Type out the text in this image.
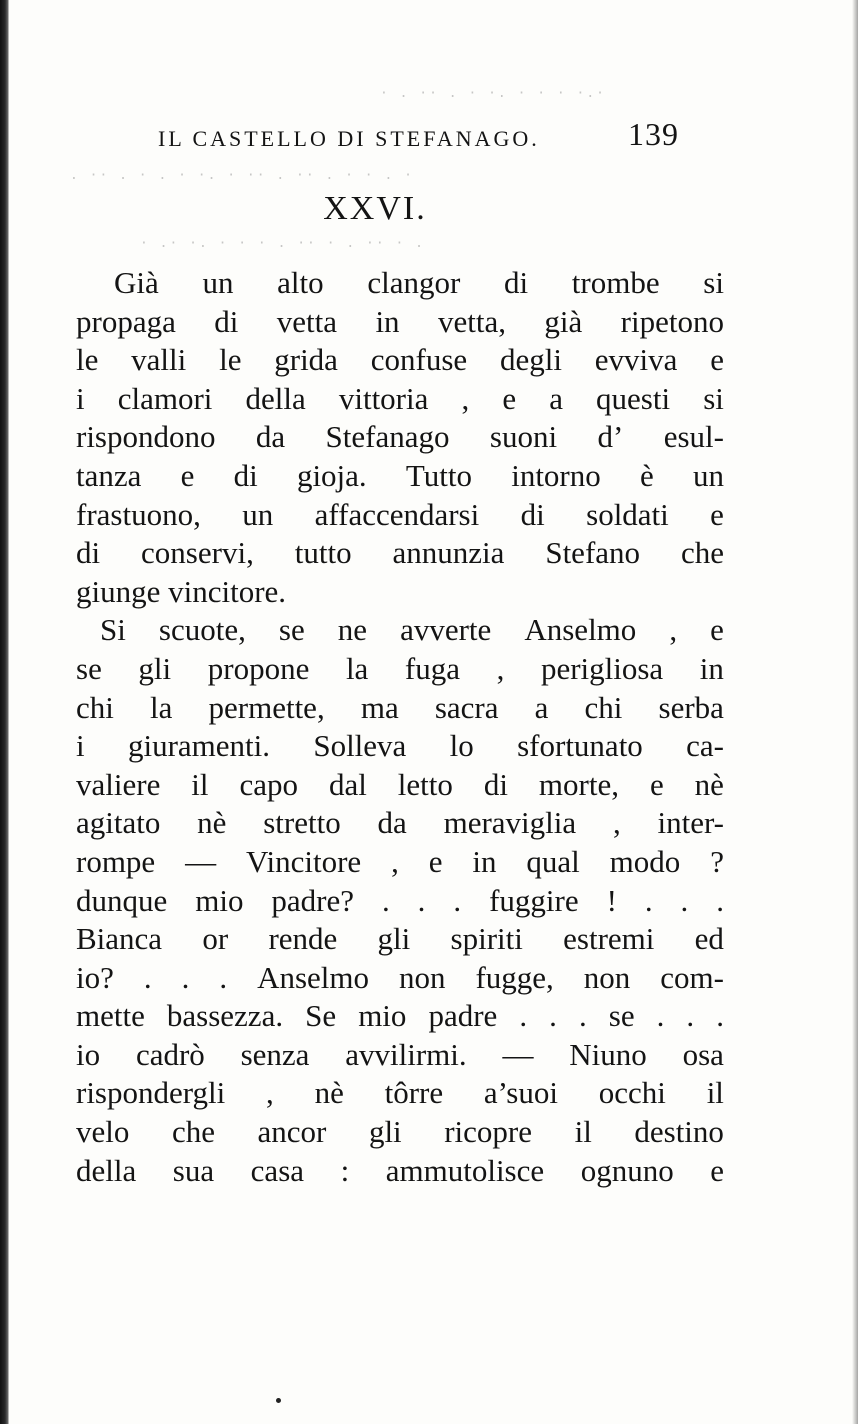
· . ·· . · ·. · · · ·.·
. ·· . · . · ·. · ·· . ·· . · · . ·
· .· ·. · · · . ·· · . ·· · .
IL CASTELLO DI STEFANAGO.	139
XXVI.
Già un alto clangor di trombe si
propaga di vetta in vetta, già ripetono
le valli le grida confuse degli evviva e
i clamori della vittoria , e a questi si
rispondono da Stefanago suoni d’ esul-
tanza e di gioja. Tutto intorno è un
frastuono, un affaccendarsi di soldati e
di conservi, tutto annunzia Stefano che
giunge vincitore.
Si scuote, se ne avverte Anselmo , e
se gli propone la fuga , perigliosa in
chi la permette, ma sacra a chi serba
i giuramenti. Solleva lo sfortunato ca-
valiere il capo dal letto di morte, e nè
agitato nè stretto da meraviglia , inter-
rompe — Vincitore , e in qual modo ?
dunque mio padre? . . . fuggire ! . . .
Bianca or rende gli spiriti estremi ed
io? . . . Anselmo non fugge, non com-
mette bassezza. Se mio padre . . . se . . .
io cadrò senza avvilirmi. — Niuno osa
rispondergli , nè tôrre a’suoi occhi il
velo che ancor gli ricopre il destino
della sua casa : ammutolisce ognuno e
